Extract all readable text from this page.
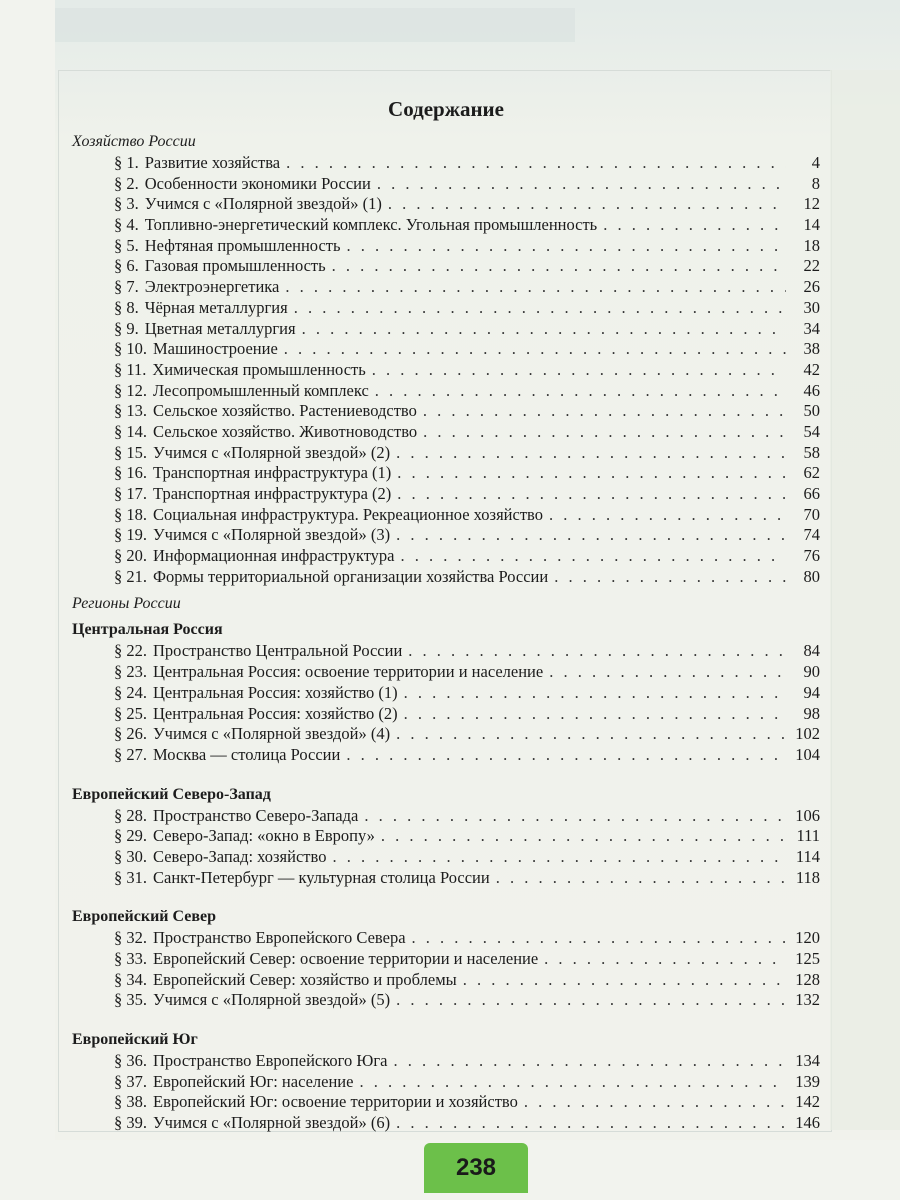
Содержание
Хозяйство России
§ 1. Развитие хозяйства . . .	4
§ 2. Особенности экономики России . . .	8
§ 3. Учимся с «Полярной звездой» (1) . . .	12
§ 4. Топливно-энергетический комплекс. Угольная промышленность . . .	14
§ 5. Нефтяная промышленность . . .	18
§ 6. Газовая промышленность . . .	22
§ 7. Электроэнергетика . . .	26
§ 8. Чёрная металлургия . . .	30
§ 9. Цветная металлургия . . .	34
§ 10. Машиностроение . . .	38
§ 11. Химическая промышленность . . .	42
§ 12. Лесопромышленный комплекс . . .	46
§ 13. Сельское хозяйство. Растениеводство . . .	50
§ 14. Сельское хозяйство. Животноводство . . .	54
§ 15. Учимся с «Полярной звездой» (2) . . .	58
§ 16. Транспортная инфраструктура (1) . . .	62
§ 17. Транспортная инфраструктура (2) . . .	66
§ 18. Социальная инфраструктура. Рекреационное хозяйство . . .	70
§ 19. Учимся с «Полярной звездой» (3) . . .	74
§ 20. Информационная инфраструктура . . .	76
§ 21. Формы территориальной организации хозяйства России . . .	80
Регионы России
Центральная Россия
§ 22. Пространство Центральной России . . .	84
§ 23. Центральная Россия: освоение территории и население . . .	90
§ 24. Центральная Россия: хозяйство (1) . . .	94
§ 25. Центральная Россия: хозяйство (2) . . .	98
§ 26. Учимся с «Полярной звездой» (4) . . .	102
§ 27. Москва — столица России . . .	104
Европейский Северо-Запад
§ 28. Пространство Северо-Запада . . .	106
§ 29. Северо-Запад: «окно в Европу» . . .	111
§ 30. Северо-Запад: хозяйство . . .	114
§ 31. Санкт-Петербург — культурная столица России . . .	118
Европейский Север
§ 32. Пространство Европейского Севера . . .	120
§ 33. Европейский Север: освоение территории и население . . .	125
§ 34. Европейский Север: хозяйство и проблемы . . .	128
§ 35. Учимся с «Полярной звездой» (5) . . .	132
Европейский Юг
§ 36. Пространство Европейского Юга . . .	134
§ 37. Европейский Юг: население . . .	139
§ 38. Европейский Юг: освоение территории и хозяйство . . .	142
§ 39. Учимся с «Полярной звездой» (6) . . .	146
238
